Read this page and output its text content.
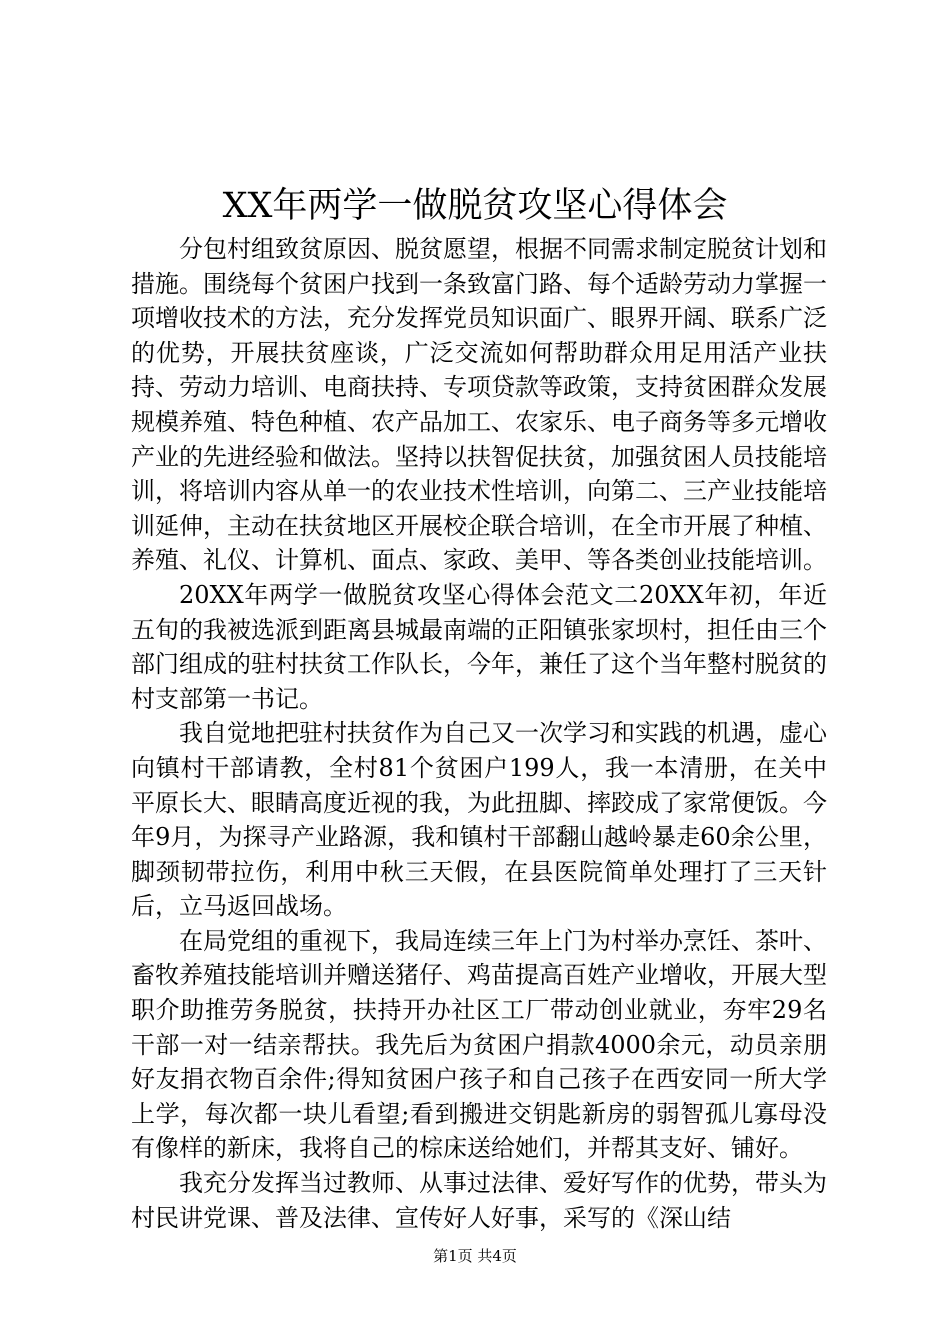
XX年两学一做脱贫攻坚心得体会

分包村组致贫原因、脱贫愿望，根据不同需求制定脱贫计划和措施。围绕每个贫困户找到一条致富门路、每个适龄劳动力掌握一项增收技术的方法，充分发挥党员知识面广、眼界开阔、联系广泛的优势，开展扶贫座谈，广泛交流如何帮助群众用足用活产业扶持、劳动力培训、电商扶持、专项贷款等政策，支持贫困群众发展规模养殖、特色种植、农产品加工、农家乐、电子商务等多元增收产业的先进经验和做法。坚持以扶智促扶贫，加强贫困人员技能培训，将培训内容从单一的农业技术性培训，向第二、三产业技能培训延伸，主动在扶贫地区开展校企联合培训，在全市开展了种植、养殖、礼仪、计算机、面点、家政、美甲、等各类创业技能培训。

20XX年两学一做脱贫攻坚心得体会范文二20XX年初，年近五旬的我被选派到距离县城最南端的正阳镇张家坝村，担任由三个部门组成的驻村扶贫工作队长，今年，兼任了这个当年整村脱贫的村支部第一书记。

我自觉地把驻村扶贫作为自己又一次学习和实践的机遇，虚心向镇村干部请教，全村81个贫困户199人，我一本清册，在关中平原长大、眼睛高度近视的我，为此扭脚、摔跤成了家常便饭。今年9月，为探寻产业路源，我和镇村干部翻山越岭暴走60余公里，脚颈韧带拉伤，利用中秋三天假，在县医院简单处理打了三天针后，立马返回战场。

在局党组的重视下，我局连续三年上门为村举办烹饪、茶叶、畜牧养殖技能培训并赠送猪仔、鸡苗提高百姓产业增收，开展大型职介助推劳务脱贫，扶持开办社区工厂带动创业就业，夯牢29名干部一对一结亲帮扶。我先后为贫困户捐款4000余元，动员亲朋好友捐衣物百余件;得知贫困户孩子和自己孩子在西安同一所大学上学，每次都一块儿看望;看到搬进交钥匙新房的弱智孤儿寡母没有像样的新床，我将自己的棕床送给她们，并帮其支好、铺好。

我充分发挥当过教师、从事过法律、爱好写作的优势，带头为村民讲党课、普及法律、宣传好人好事，采写的《深山结

第1页 共4页
